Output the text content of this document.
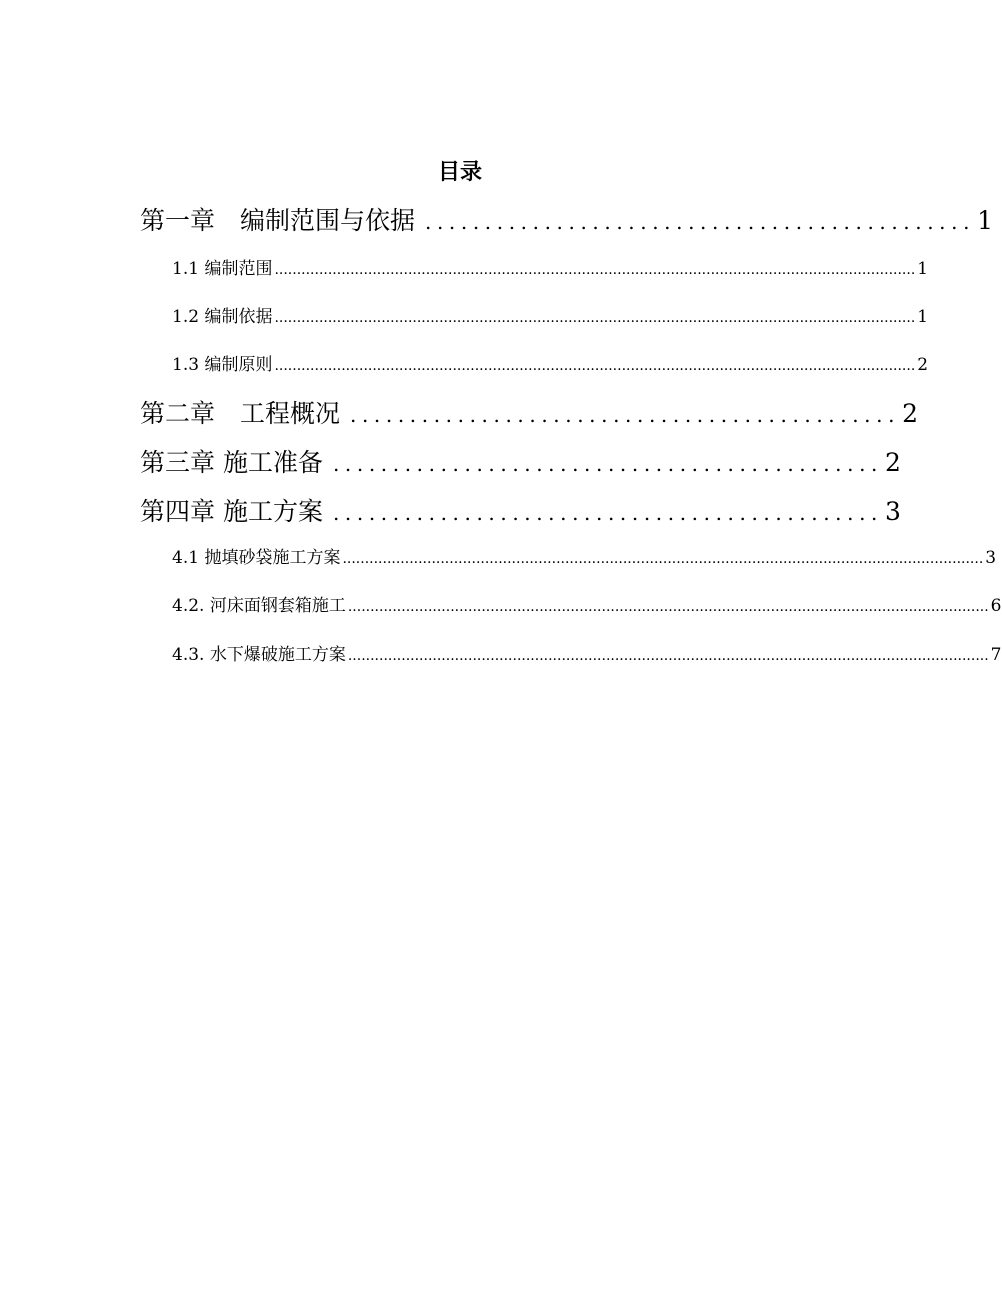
目录
第一章　编制范围与依据 .............................................. 1
1.1 编制范围 ................................................................................................................................................ 1
1.2 编制依据 ................................................................................................................................................ 1
1.3 编制原则 ................................................................................................................................................ 2
第二章　工程概况 .............................................. 2
第三章 施工准备 .............................................. 2
第四章 施工方案 .............................................. 3
4.1 抛填砂袋施工方案 ................................................................................................................................................ 3
4.2. 河床面钢套箱施工 ................................................................................................................................................ 6
4.3. 水下爆破施工方案 ................................................................................................................................................ 7
